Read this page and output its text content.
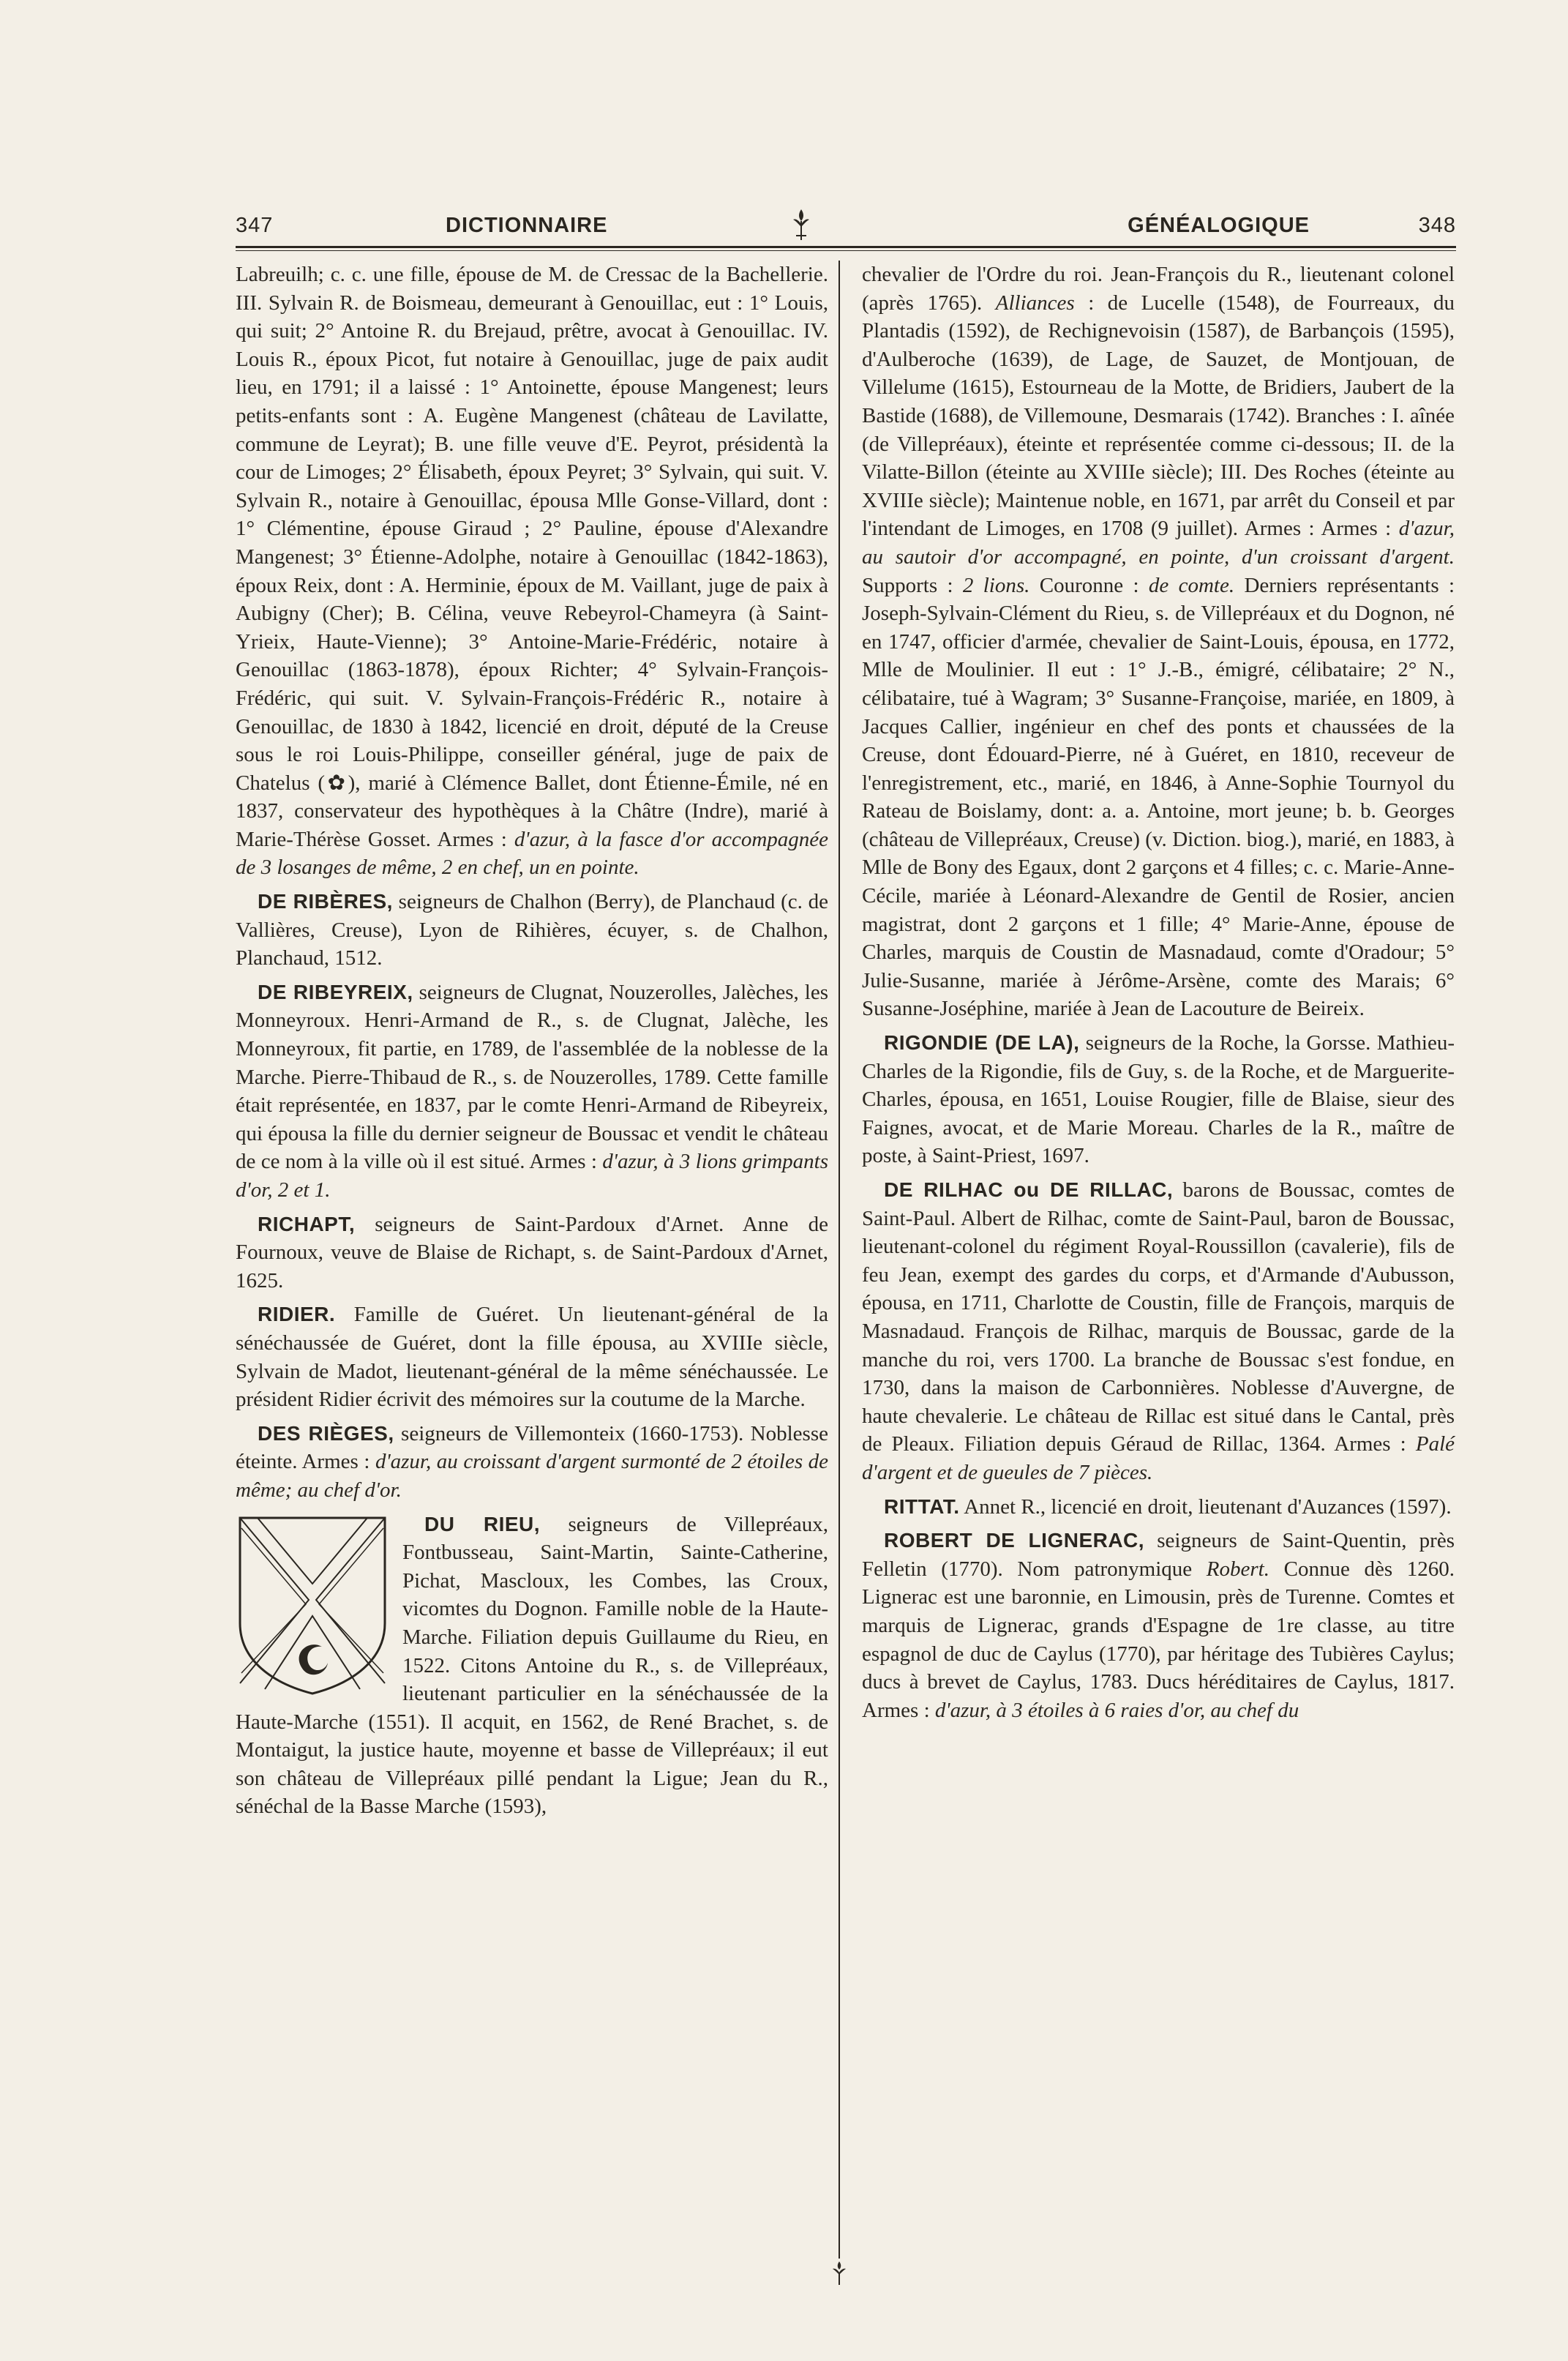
347	DICTIONNAIRE	GÉNÉALOGIQUE	348

Labreuilh; c. c. une fille, épouse de M. de Cressac de la Bachellerie. III. Sylvain R. de Boismeau, demeurant à Genouillac, eut : 1° Louis, qui suit; 2° Antoine R. du Brejaud, prêtre, avocat à Genouillac. IV. Louis R., époux Picot, fut notaire à Genouillac, juge de paix audit lieu, en 1791; il a laissé : 1° Antoinette, épouse Mangenest; leurs petits-enfants sont : A. Eugène Mangenest (château de Lavilatte, commune de Leyrat); B. une fille veuve d'E. Peyrot, présidentà la cour de Limoges; 2° Élisabeth, époux Peyret; 3° Sylvain, qui suit. V. Sylvain R., notaire à Genouillac, épousa Mlle Gonse-Villard, dont : 1° Clémentine, épouse Giraud ; 2° Pauline, épouse d'Alexandre Mangenest; 3° Étienne-Adolphe, notaire à Genouillac (1842-1863), époux Reix, dont : A. Herminie, époux de M. Vaillant, juge de paix à Aubigny (Cher); B. Célina, veuve Rebeyrol-Chameyra (à Saint-Yrieix, Haute-Vienne); 3° Antoine-Marie-Frédéric, notaire à Genouillac (1863-1878), époux Richter; 4° Sylvain-François-Frédéric, qui suit. V. Sylvain-François-Frédéric R., notaire à Genouillac, de 1830 à 1842, licencié en droit, député de la Creuse sous le roi Louis-Philippe, conseiller général, juge de paix de Chatelus (✿), marié à Clémence Ballet, dont Étienne-Émile, né en 1837, conservateur des hypothèques à la Châtre (Indre), marié à Marie-Thérèse Gosset. Armes : d'azur, à la fasce d'or accompagnée de 3 losanges de même, 2 en chef, un en pointe.

DE RIBÈRES, seigneurs de Chalhon (Berry), de Planchaud (c. de Vallières, Creuse), Lyon de Rihières, écuyer, s. de Chalhon, Planchaud, 1512.

DE RIBEYREIX, seigneurs de Clugnat, Nouzerolles, Jalèches, les Monneyroux. Henri-Armand de R., s. de Clugnat, Jalèche, les Monneyroux, fit partie, en 1789, de l'assemblée de la noblesse de la Marche. Pierre-Thibaud de R., s. de Nouzerolles, 1789. Cette famille était représentée, en 1837, par le comte Henri-Armand de Ribeyreix, qui épousa la fille du dernier seigneur de Boussac et vendit le château de ce nom à la ville où il est situé. Armes : d'azur, à 3 lions grimpants d'or, 2 et 1.

RICHAPT, seigneurs de Saint-Pardoux d'Arnet. Anne de Fournoux, veuve de Blaise de Richapt, s. de Saint-Pardoux d'Arnet, 1625.

RIDIER. Famille de Guéret. Un lieutenant-général de la sénéchaussée de Guéret, dont la fille épousa, au XVIIIe siècle, Sylvain de Madot, lieutenant-général de la même sénéchaussée. Le président Ridier écrivit des mémoires sur la coutume de la Marche.

DES RIÈGES, seigneurs de Villemonteix (1660-1753). Noblesse éteinte. Armes : d'azur, au croissant d'argent surmonté de 2 étoiles de même; au chef d'or.

DU RIEU, seigneurs de Villepréaux, Fontbusseau, Saint-Martin, Sainte-Catherine, Pichat, Mascloux, les Combes, las Croux, vicomtes du Dognon. Famille noble de la Haute-Marche. Filiation depuis Guillaume du Rieu, en 1522. Citons Antoine du R., s. de Villepréaux, lieutenant particulier en la sénéchaussée de la Haute-Marche (1551). Il acquit, en 1562, de René Brachet, s. de Montaigut, la justice haute, moyenne et basse de Villepréaux; il eut son château de Villepréaux pillé pendant la Ligue; Jean du R., sénéchal de la Basse Marche (1593),

chevalier de l'Ordre du roi. Jean-François du R., lieutenant colonel (après 1765). Alliances : de Lucelle (1548), de Fourreaux, du Plantadis (1592), de Rechignevoisin (1587), de Barbançois (1595), d'Aulberoche (1639), de Lage, de Sauzet, de Montjouan, de Villelume (1615), Estourneau de la Motte, de Bridiers, Jaubert de la Bastide (1688), de Villemoune, Desmarais (1742). Branches : I. aînée (de Villepréaux), éteinte et représentée comme ci-dessous; II. de la Vilatte-Billon (éteinte au XVIIIe siècle); III. Des Roches (éteinte au XVIIIe siècle); Maintenue noble, en 1671, par arrêt du Conseil et par l'intendant de Limoges, en 1708 (9 juillet). Armes : Armes : d'azur, au sautoir d'or accompagné, en pointe, d'un croissant d'argent. Supports : 2 lions. Couronne : de comte. Derniers représentants : Joseph-Sylvain-Clément du Rieu, s. de Villepréaux et du Dognon, né en 1747, officier d'armée, chevalier de Saint-Louis, épousa, en 1772, Mlle de Moulinier. Il eut : 1° J.-B., émigré, célibataire; 2° N., célibataire, tué à Wagram; 3° Susanne-Françoise, mariée, en 1809, à Jacques Callier, ingénieur en chef des ponts et chaussées de la Creuse, dont Édouard-Pierre, né à Guéret, en 1810, receveur de l'enregistrement, etc., marié, en 1846, à Anne-Sophie Tournyol du Rateau de Boislamy, dont: a. a. Antoine, mort jeune; b. b. Georges (château de Villepréaux, Creuse) (v. Diction. biog.), marié, en 1883, à Mlle de Bony des Egaux, dont 2 garçons et 4 filles; c. c. Marie-Anne-Cécile, mariée à Léonard-Alexandre de Gentil de Rosier, ancien magistrat, dont 2 garçons et 1 fille; 4° Marie-Anne, épouse de Charles, marquis de Coustin de Masnadaud, comte d'Oradour; 5° Julie-Susanne, mariée à Jérôme-Arsène, comte des Marais; 6° Susanne-Joséphine, mariée à Jean de Lacouture de Beireix.

RIGONDIE (DE LA), seigneurs de la Roche, la Gorsse. Mathieu-Charles de la Rigondie, fils de Guy, s. de la Roche, et de Marguerite-Charles, épousa, en 1651, Louise Rougier, fille de Blaise, sieur des Faignes, avocat, et de Marie Moreau. Charles de la R., maître de poste, à Saint-Priest, 1697.

DE RILHAC ou DE RILLAC, barons de Boussac, comtes de Saint-Paul. Albert de Rilhac, comte de Saint-Paul, baron de Boussac, lieutenant-colonel du régiment Royal-Roussillon (cavalerie), fils de feu Jean, exempt des gardes du corps, et d'Armande d'Aubusson, épousa, en 1711, Charlotte de Coustin, fille de François, marquis de Masnadaud. François de Rilhac, marquis de Boussac, garde de la manche du roi, vers 1700. La branche de Boussac s'est fondue, en 1730, dans la maison de Carbonnières. Noblesse d'Auvergne, de haute chevalerie. Le château de Rillac est situé dans le Cantal, près de Pleaux. Filiation depuis Géraud de Rillac, 1364. Armes : Palé d'argent et de gueules de 7 pièces.

RITTAT. Annet R., licencié en droit, lieutenant d'Auzances (1597).

ROBERT DE LIGNERAC, seigneurs de Saint-Quentin, près Felletin (1770). Nom patronymique Robert. Connue dès 1260. Lignerac est une baronnie, en Limousin, près de Turenne. Comtes et marquis de Lignerac, grands d'Espagne de 1re classe, au titre espagnol de duc de Caylus (1770), par héritage des Tubières Caylus; ducs à brevet de Caylus, 1783. Ducs héréditaires de Caylus, 1817. Armes : d'azur, à 3 étoiles à 6 raies d'or, au chef du
